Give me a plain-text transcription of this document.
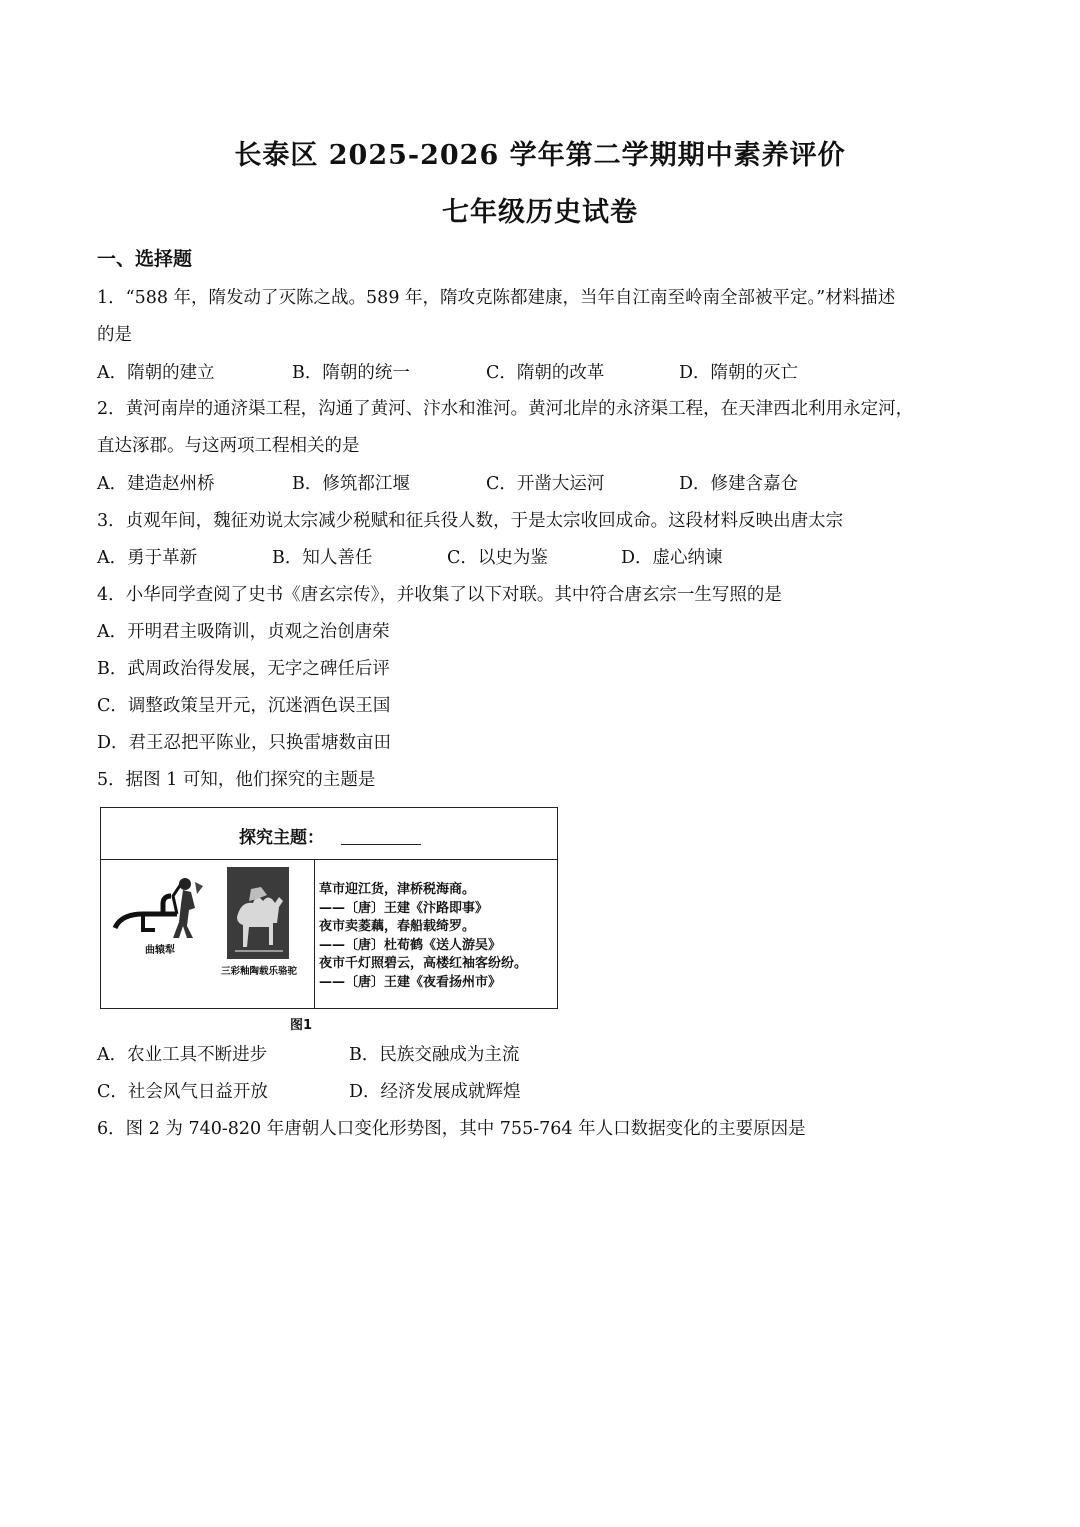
长泰区 2025-2026 学年第二学期期中素养评价
七年级历史试卷
一、选择题
1．“588 年，隋发动了灭陈之战。589 年，隋攻克陈都建康，当年自江南至岭南全部被平定。”材料描述
的是
A．隋朝的建立	B．隋朝的统一	C．隋朝的改革	D．隋朝的灭亡
2．黄河南岸的通济渠工程，沟通了黄河、汴水和淮河。黄河北岸的永济渠工程，在天津西北利用永定河，
直达涿郡。与这两项工程相关的是
A．建造赵州桥	B．修筑都江堰	C．开凿大运河	D．修建含嘉仓
3．贞观年间，魏征劝说太宗减少税赋和征兵役人数，于是太宗收回成命。这段材料反映出唐太宗
A．勇于革新	B．知人善任	C．以史为鉴	D．虚心纳谏
4．小华同学查阅了史书《唐玄宗传》，并收集了以下对联。其中符合唐玄宗一生写照的是
A．开明君主吸隋训，贞观之治创唐荣
B．武周政治得发展，无字之碑任后评
C．调整政策呈开元，沉迷酒色误王国
D．君王忍把平陈业，只换雷塘数亩田
5．据图 1 可知，他们探究的主题是
探究主题：
曲辕犁
三彩釉陶载乐骆驼
草市迎江货，津桥税海商。
——〔唐〕王建《汴路即事》
夜市卖菱藕，春船载绮罗。
——〔唐〕杜荀鹤《送人游吴》
夜市千灯照碧云，高楼红袖客纷纷。
——〔唐〕王建《夜看扬州市》
图1
A．农业工具不断进步	B．民族交融成为主流
C．社会风气日益开放	D．经济发展成就辉煌
6．图 2 为 740-820 年唐朝人口变化形势图，其中 755-764 年人口数据变化的主要原因是
